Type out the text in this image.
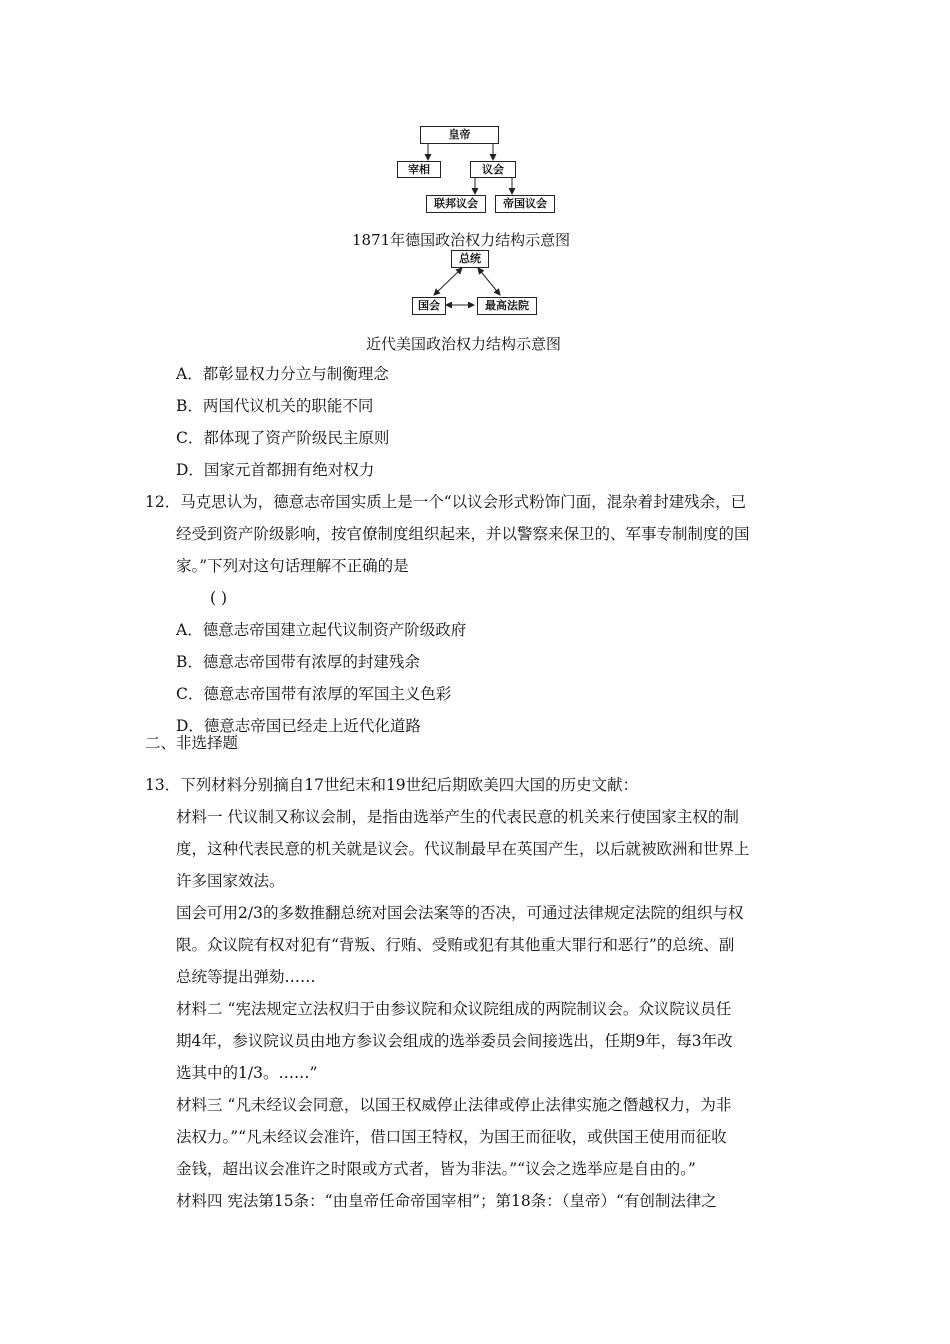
皇帝
宰相	议会
联邦议会	帝国议会
1871年德国政治权力结构示意图
总统
国会	最高法院
近代美国政治权力结构示意图
A．都彰显权力分立与制衡理念
B．两国代议机关的职能不同
C．都体现了资产阶级民主原则
D．国家元首都拥有绝对权力
12．马克思认为，德意志帝国实质上是一个“以议会形式粉饰门面，混杂着封建残余，已
经受到资产阶级影响，按官僚制度组织起来，并以警察来保卫的、军事专制制度的国
家。”下列对这句话理解不正确的是
( )
A．德意志帝国建立起代议制资产阶级政府
B．德意志帝国带有浓厚的封建残余
C．德意志帝国带有浓厚的军国主义色彩
D．德意志帝国已经走上近代化道路
二、非选择题
13．下列材料分别摘自17世纪末和19世纪后期欧美四大国的历史文献：
材料一 代议制又称议会制，是指由选举产生的代表民意的机关来行使国家主权的制
度，这种代表民意的机关就是议会。代议制最早在英国产生，以后就被欧洲和世界上
许多国家效法。
国会可用2/3的多数推翻总统对国会法案等的否决，可通过法律规定法院的组织与权
限。众议院有权对犯有“背叛、行贿、受贿或犯有其他重大罪行和恶行”的总统、副
总统等提出弹劾……
材料二 “宪法规定立法权归于由参议院和众议院组成的两院制议会。众议院议员任
期4年，参议院议员由地方参议会组成的选举委员会间接选出，任期9年，每3年改
选其中的1/3。……”
材料三 “凡未经议会同意，以国王权威停止法律或停止法律实施之僭越权力，为非
法权力。”“凡未经议会准许，借口国王特权，为国王而征收，或供国王使用而征收
金钱，超出议会准许之时限或方式者，皆为非法。”“议会之选举应是自由的。”
材料四 宪法第15条：“由皇帝任命帝国宰相”；第18条：（皇帝）“有创制法律之
